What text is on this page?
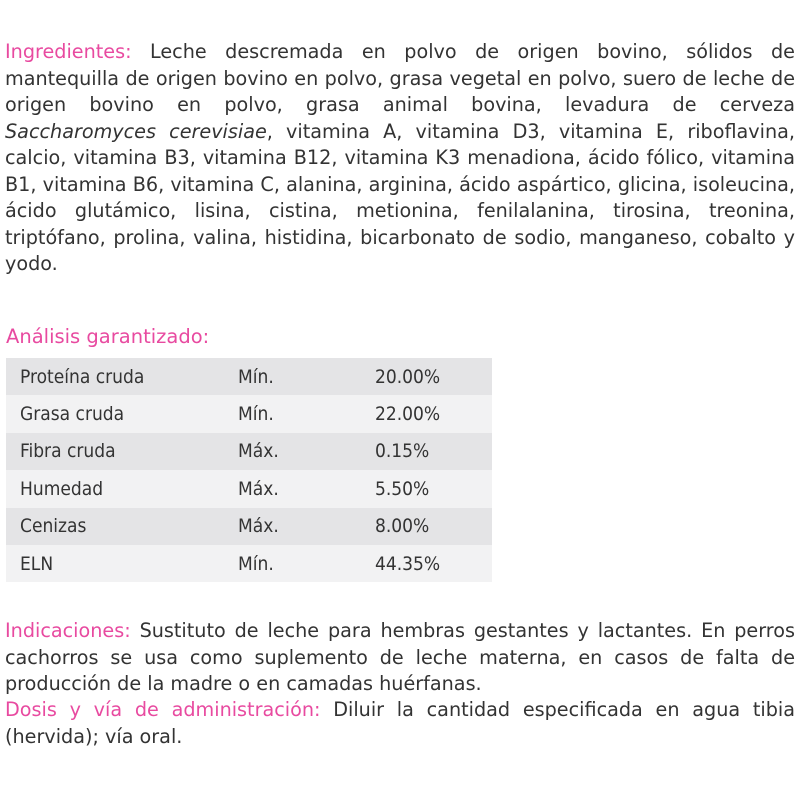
Ingredientes: Leche descremada en polvo de origen bovino, sólidos de mantequilla de origen bovino en polvo, grasa vegetal en polvo, suero de leche de origen bovino en polvo, grasa animal bovina, levadura de cerveza Saccharomyces cerevisiae, vitamina A, vitamina D3, vitamina E, riboflavina, calcio, vitamina B3, vitamina B12, vitamina K3 menadiona, ácido fólico, vitamina B1, vitamina B6, vitamina C, alanina, arginina, ácido aspártico, glicina, isoleucina, ácido glutámico, lisina, cistina, metionina, fenilalanina, tirosina, treonina, triptófano, prolina, valina, histidina, bicarbonato de sodio, manganeso, cobalto y yodo.

Análisis garantizado:
Proteína cruda	Mín.	20.00%
Grasa cruda	Mín.	22.00%
Fibra cruda	Máx.	0.15%
Humedad	Máx.	5.50%
Cenizas	Máx.	8.00%
ELN	Mín.	44.35%

Indicaciones: Sustituto de leche para hembras gestantes y lactantes. En perros cachorros se usa como suplemento de leche materna, en casos de falta de producción de la madre o en camadas huérfanas.

Dosis y vía de administración: Diluir la cantidad especificada en agua tibia (hervida); vía oral.
